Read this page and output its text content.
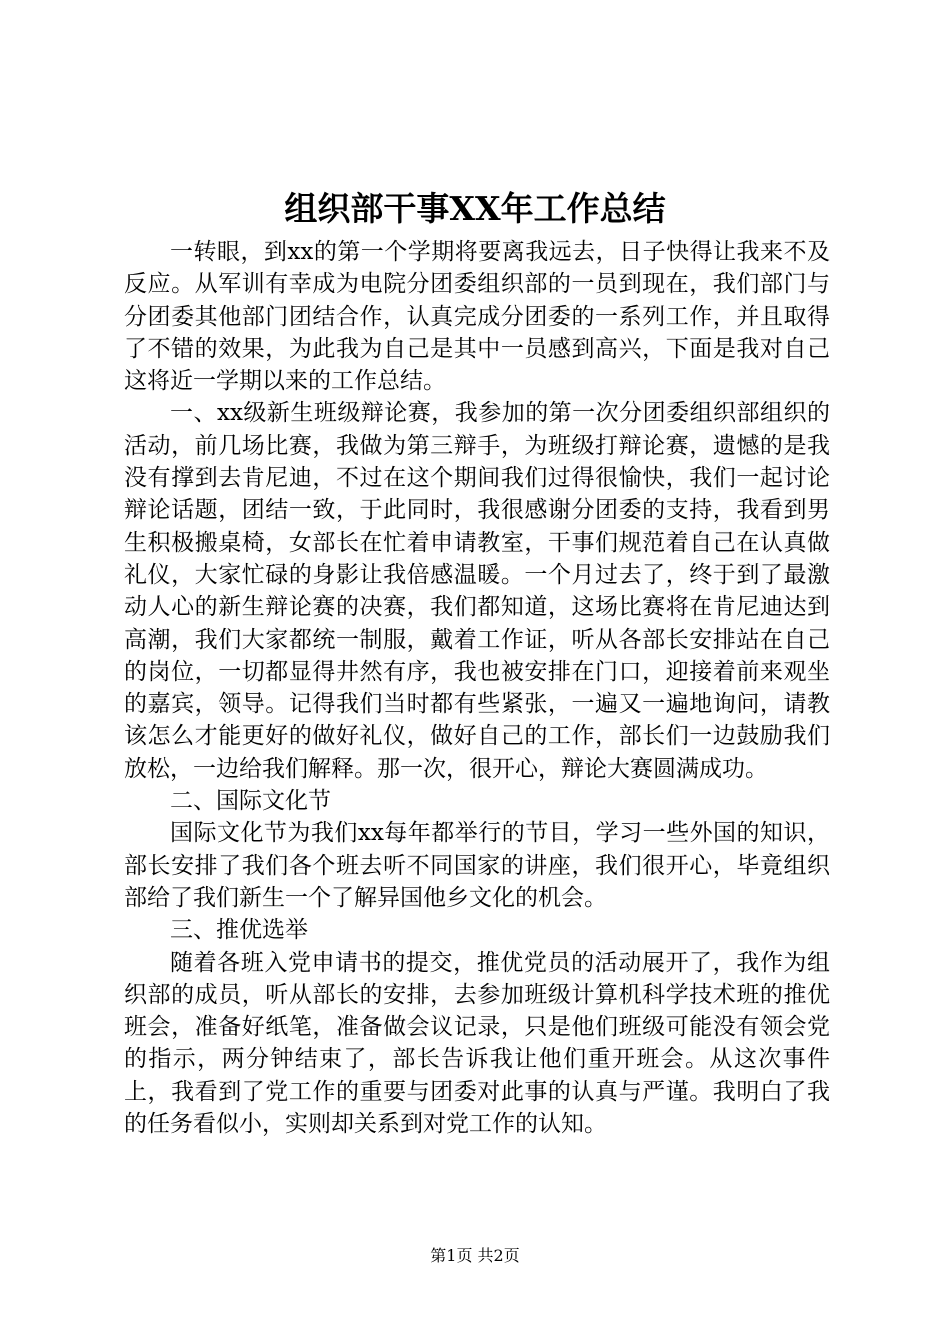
组织部干事XX年工作总结

一转眼，到xx的第一个学期将要离我远去，日子快得让我来不及反应。从军训有幸成为电院分团委组织部的一员到现在，我们部门与分团委其他部门团结合作，认真完成分团委的一系列工作，并且取得了不错的效果，为此我为自己是其中一员感到高兴，下面是我对自己这将近一学期以来的工作总结。

一、xx级新生班级辩论赛，我参加的第一次分团委组织部组织的活动，前几场比赛，我做为第三辩手，为班级打辩论赛，遗憾的是我没有撑到去肯尼迪，不过在这个期间我们过得很愉快，我们一起讨论辩论话题，团结一致，于此同时，我很感谢分团委的支持，我看到男生积极搬桌椅，女部长在忙着申请教室，干事们规范着自己在认真做礼仪，大家忙碌的身影让我倍感温暖。一个月过去了，终于到了最激动人心的新生辩论赛的决赛，我们都知道，这场比赛将在肯尼迪达到高潮，我们大家都统一制服，戴着工作证，听从各部长安排站在自己的岗位，一切都显得井然有序，我也被安排在门口，迎接着前来观坐的嘉宾，领导。记得我们当时都有些紧张，一遍又一遍地询问，请教该怎么才能更好的做好礼仪，做好自己的工作，部长们一边鼓励我们放松，一边给我们解释。那一次，很开心，辩论大赛圆满成功。

二、国际文化节

国际文化节为我们xx每年都举行的节目，学习一些外国的知识，部长安排了我们各个班去听不同国家的讲座，我们很开心，毕竟组织部给了我们新生一个了解异国他乡文化的机会。

三、推优选举

随着各班入党申请书的提交，推优党员的活动展开了，我作为组织部的成员，听从部长的安排，去参加班级计算机科学技术班的推优班会，准备好纸笔，准备做会议记录，只是他们班级可能没有领会党的指示，两分钟结束了，部长告诉我让他们重开班会。从这次事件上，我看到了党工作的重要与团委对此事的认真与严谨。我明白了我的任务看似小，实则却关系到对党工作的认知。

第1页 共2页
